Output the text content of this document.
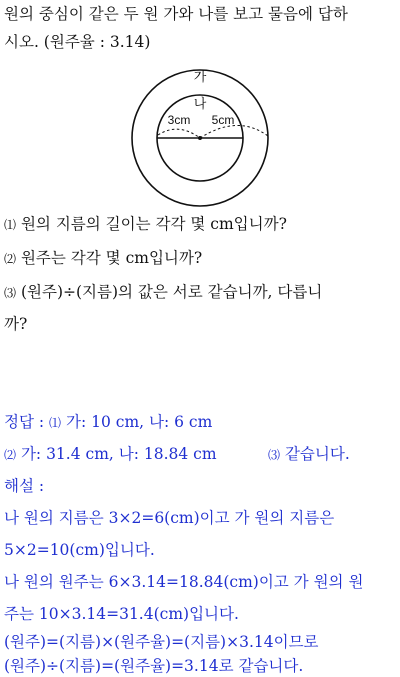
원의 중심이 같은 두 원 가와 나를 보고 물음에 답하
시오. (원주율 : 3.14)
가
나
3cm 5cm
⑴ 원의 지름의 길이는 각각 몇 cm입니까?
⑵ 원주는 각각 몇 cm입니까?
⑶ (원주)÷(지름)의 값은 서로 같습니까, 다릅니
까?
정답 : ⑴ 가: 10 cm, 나: 6 cm
⑵ 가: 31.4 cm, 나: 18.84 cm	⑶ 같습니다.
해설 :
나 원의 지름은 3×2=6(cm)이고 가 원의 지름은
5×2=10(cm)입니다.
나 원의 원주는 6×3.14=18.84(cm)이고 가 원의 원
주는 10×3.14=31.4(cm)입니다.
(원주)=(지름)×(원주율)=(지름)×3.14이므로
(원주)÷(지름)=(원주율)=3.14로 같습니다.
